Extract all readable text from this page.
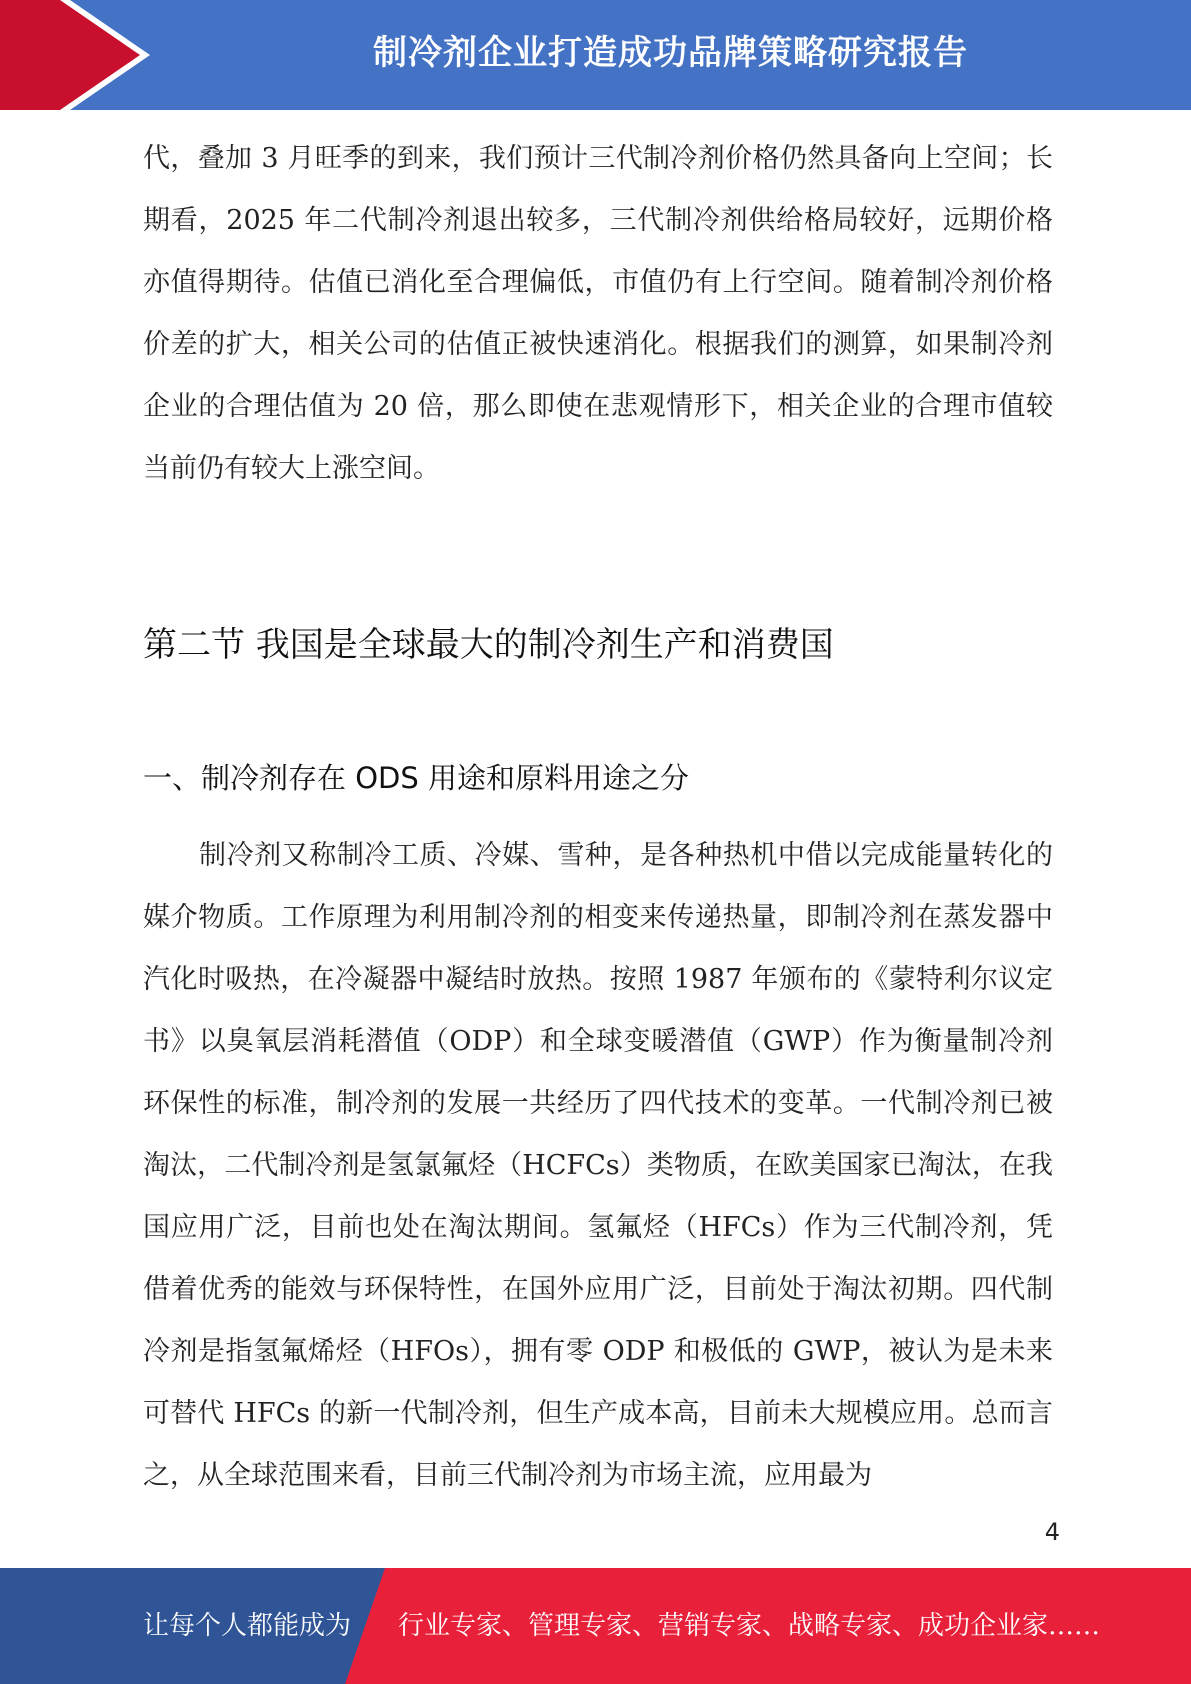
制冷剂企业打造成功品牌策略研究报告

代，叠加 3 月旺季的到来，我们预计三代制冷剂价格仍然具备向上空间；长期看，2025 年二代制冷剂退出较多，三代制冷剂供给格局较好，远期价格亦值得期待。估值已消化至合理偏低，市值仍有上行空间。随着制冷剂价格价差的扩大，相关公司的估值正被快速消化。根据我们的测算，如果制冷剂企业的合理估值为 20 倍，那么即使在悲观情形下，相关企业的合理市值较当前仍有较大上涨空间。

第二节 我国是全球最大的制冷剂生产和消费国
一、制冷剂存在 ODS 用途和原料用途之分

制冷剂又称制冷工质、冷媒、雪种，是各种热机中借以完成能量转化的媒介物质。工作原理为利用制冷剂的相变来传递热量，即制冷剂在蒸发器中汽化时吸热，在冷凝器中凝结时放热。按照 1987 年颁布的《蒙特利尔议定书》以臭氧层消耗潜值（ODP）和全球变暖潜值（GWP）作为衡量制冷剂环保性的标准，制冷剂的发展一共经历了四代技术的变革。一代制冷剂已被淘汰，二代制冷剂是氢氯氟烃（HCFCs）类物质，在欧美国家已淘汰，在我国应用广泛，目前也处在淘汰期间。氢氟烃（HFCs）作为三代制冷剂，凭借着优秀的能效与环保特性，在国外应用广泛，目前处于淘汰初期。四代制冷剂是指氢氟烯烃（HFOs），拥有零 ODP 和极低的 GWP，被认为是未来可替代 HFCs 的新一代制冷剂，但生产成本高，目前未大规模应用。总而言之，从全球范围来看，目前三代制冷剂为市场主流，应用最为

4
让每个人都能成为 行业专家、管理专家、营销专家、战略专家、成功企业家……
